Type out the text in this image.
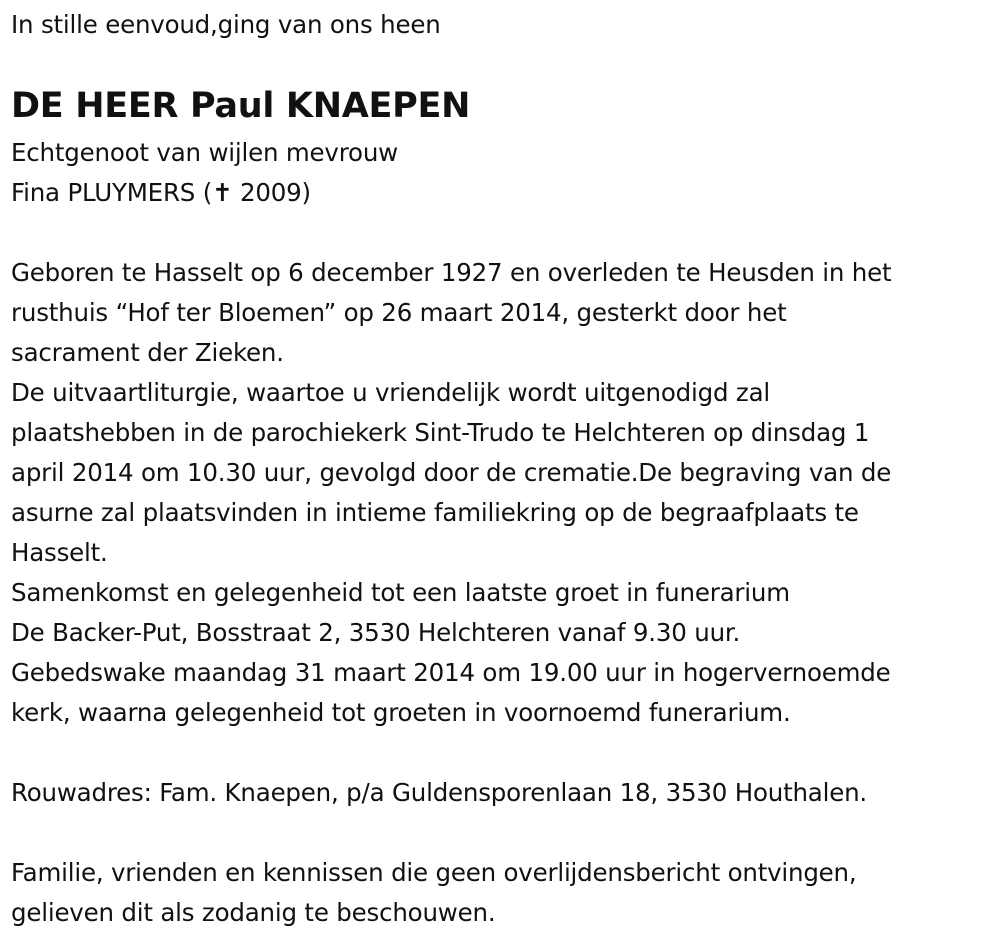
In stille eenvoud,ging van ons heen
DE HEER Paul KNAEPEN
Echtgenoot van wijlen mevrouw
Fina PLUYMERS (✝ 2009)
Geboren te Hasselt op 6 december 1927 en overleden te Heusden in het
rusthuis “Hof ter Bloemen” op 26 maart 2014, gesterkt door het
sacrament der Zieken.
De uitvaartliturgie, waartoe u vriendelijk wordt uitgenodigd zal
plaatshebben in de parochiekerk Sint-Trudo te Helchteren op dinsdag 1
april 2014 om 10.30 uur, gevolgd door de crematie.De begraving van de
asurne zal plaatsvinden in intieme familiekring op de begraafplaats te
Hasselt.
Samenkomst en gelegenheid tot een laatste groet in funerarium
De Backer-Put, Bosstraat 2, 3530 Helchteren vanaf 9.30 uur.
Gebedswake maandag 31 maart 2014 om 19.00 uur in hogervernoemde
kerk, waarna gelegenheid tot groeten in voornoemd funerarium.
Rouwadres: Fam. Knaepen, p/a Guldensporenlaan 18, 3530 Houthalen.
Familie, vrienden en kennissen die geen overlijdensbericht ontvingen,
gelieven dit als zodanig te beschouwen.
